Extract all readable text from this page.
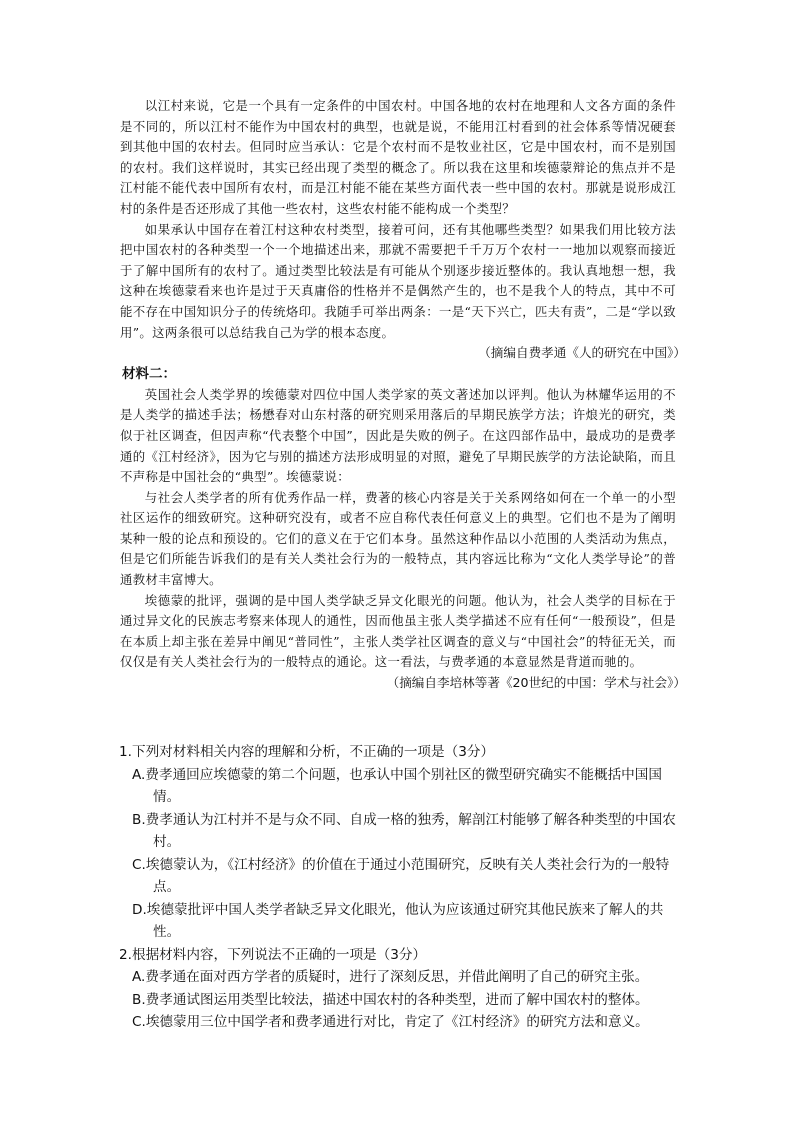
以江村来说，它是一个具有一定条件的中国农村。中国各地的农村在地理和人文各方面的条件是不同的，所以江村不能作为中国农村的典型，也就是说，不能用江村看到的社会体系等情况硬套到其他中国的农村去。但同时应当承认：它是个农村而不是牧业社区，它是中国农村，而不是别国的农村。我们这样说时，其实已经出现了类型的概念了。所以我在这里和埃德蒙辩论的焦点并不是江村能不能代表中国所有农村，而是江村能不能在某些方面代表一些中国的农村。那就是说形成江村的条件是否还形成了其他一些农村，这些农村能不能构成一个类型？

如果承认中国存在着江村这种农村类型，接着可问，还有其他哪些类型？如果我们用比较方法把中国农村的各种类型一个一个地描述出来，那就不需要把千千万万个农村一一地加以观察而接近于了解中国所有的农村了。通过类型比较法是有可能从个别逐步接近整体的。我认真地想一想，我这种在埃德蒙看来也许是过于天真庸俗的性格并不是偶然产生的，也不是我个人的特点，其中不可能不存在中国知识分子的传统烙印。我随手可举出两条：一是“天下兴亡，匹夫有责”，二是“学以致用”。这两条很可以总结我自己为学的根本态度。

（摘编自费孝通《人的研究在中国》）

材料二：

英国社会人类学界的埃德蒙对四位中国人类学家的英文著述加以评判。他认为林耀华运用的不是人类学的描述手法；杨懋春对山东村落的研究则采用落后的早期民族学方法；许烺光的研究，类似于社区调查，但因声称“代表整个中国”，因此是失败的例子。在这四部作品中，最成功的是费孝通的《江村经济》，因为它与别的描述方法形成明显的对照，避免了早期民族学的方法论缺陷，而且不声称是中国社会的“典型”。埃德蒙说：

与社会人类学者的所有优秀作品一样，费著的核心内容是关于关系网络如何在一个单一的小型社区运作的细致研究。这种研究没有，或者不应自称代表任何意义上的典型。它们也不是为了阐明某种一般的论点和预设的。它们的意义在于它们本身。虽然这种作品以小范围的人类活动为焦点，但是它们所能告诉我们的是有关人类社会行为的一般特点，其内容远比称为“文化人类学导论”的普通教材丰富博大。

埃德蒙的批评，强调的是中国人类学缺乏异文化眼光的问题。他认为，社会人类学的目标在于通过异文化的民族志考察来体现人的通性，因而他虽主张人类学描述不应有任何“一般预设”，但是在本质上却主张在差异中阐见“普同性”，主张人类学社区调查的意义与“中国社会”的特征无关，而仅仅是有关人类社会行为的一般特点的通论。这一看法，与费孝通的本意显然是背道而驰的。

（摘编自李培林等著《20世纪的中国：学术与社会》）

1.下列对材料相关内容的理解和分析，不正确的一项是（3分）

A.费孝通回应埃德蒙的第二个问题，也承认中国个别社区的微型研究确实不能概括中国国情。

B.费孝通认为江村并不是与众不同、自成一格的独秀，解剖江村能够了解各种类型的中国农村。

C.埃德蒙认为，《江村经济》的价值在于通过小范围研究，反映有关人类社会行为的一般特点。

D.埃德蒙批评中国人类学者缺乏异文化眼光，他认为应该通过研究其他民族来了解人的共性。

2.根据材料内容，下列说法不正确的一项是（3分）

A.费孝通在面对西方学者的质疑时，进行了深刻反思，并借此阐明了自己的研究主张。

B.费孝通试图运用类型比较法，描述中国农村的各种类型，进而了解中国农村的整体。

C.埃德蒙用三位中国学者和费孝通进行对比，肯定了《江村经济》的研究方法和意义。
